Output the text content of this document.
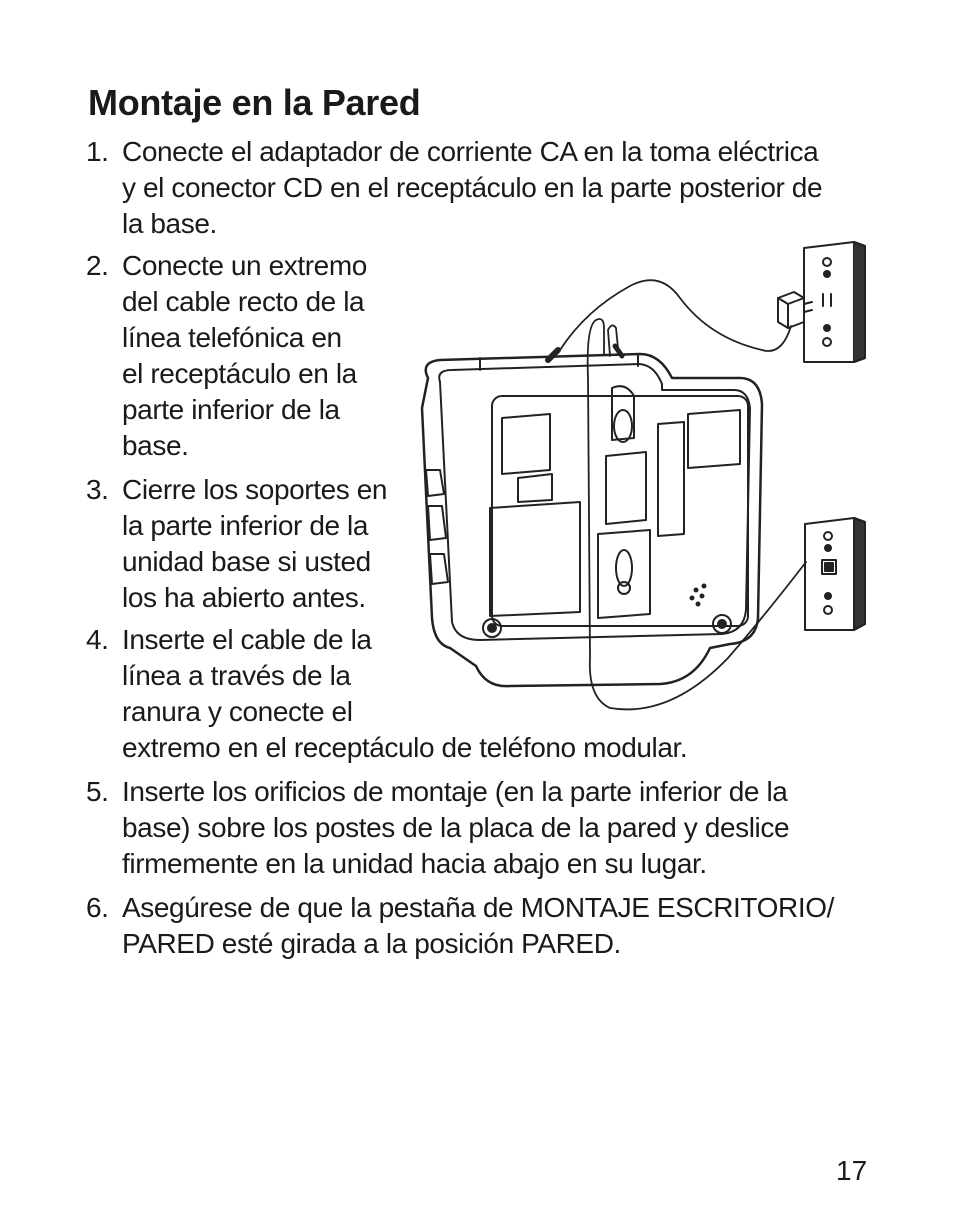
Montaje en la Pared
1. Conecte el adaptador de corriente CA en la toma eléctrica
y el conector CD en el receptáculo en la parte posterior de
la base.
2. Conecte un extremo
del cable recto de la
línea telefónica en
el receptáculo en la
parte inferior de la
base.
3. Cierre los soportes en
la parte inferior de la
unidad base si usted
los ha abierto antes.
4. Inserte el cable de la
línea a través de la
ranura y conecte el
extremo en el receptáculo de teléfono modular.
5. Inserte los orificios de montaje (en la parte inferior de la
base) sobre los postes de la placa de la pared y deslice
firmemente en la unidad hacia abajo en su lugar.
6. Asegúrese de que la pestaña de MONTAJE ESCRITORIO/
PARED esté girada a la posición PARED.
17
